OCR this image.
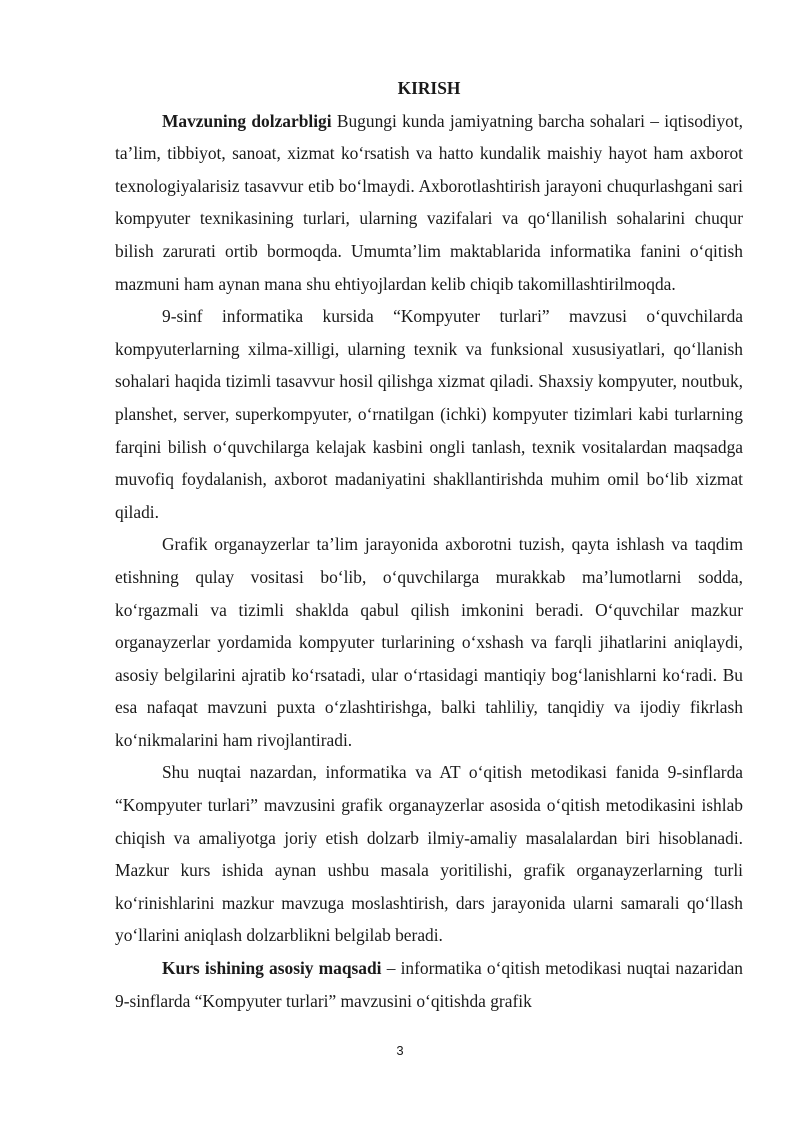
KIRISH

Mavzuning dolzarbligi Bugungi kunda jamiyatning barcha sohalari – iqtisodiyot, ta’lim, tibbiyot, sanoat, xizmat ko‘rsatish va hatto kundalik maishiy hayot ham axborot texnologiyalarisiz tasavvur etib bo‘lmaydi. Axborotlashtirish jarayoni chuqurlashgani sari kompyuter texnikasining turlari, ularning vazifalari va qo‘llanilish sohalarini chuqur bilish zarurati ortib bormoqda. Umumta’lim maktablarida informatika fanini o‘qitish mazmuni ham aynan mana shu ehtiyojlardan kelib chiqib takomillashtirilmoqda.

9-sinf informatika kursida “Kompyuter turlari” mavzusi o‘quvchilarda kompyuterlarning xilma-xilligi, ularning texnik va funksional xususiyatlari, qo‘llanish sohalari haqida tizimli tasavvur hosil qilishga xizmat qiladi. Shaxsiy kompyuter, noutbuk, planshet, server, superkompyuter, o‘rnatilgan (ichki) kompyuter tizimlari kabi turlarning farqini bilish o‘quvchilarga kelajak kasbini ongli tanlash, texnik vositalardan maqsadga muvofiq foydalanish, axborot madaniyatini shakllantirishda muhim omil bo‘lib xizmat qiladi.

Grafik organayzerlar ta’lim jarayonida axborotni tuzish, qayta ishlash va taqdim etishning qulay vositasi bo‘lib, o‘quvchilarga murakkab ma’lumotlarni sodda, ko‘rgazmali va tizimli shaklda qabul qilish imkonini beradi. O‘quvchilar mazkur organayzerlar yordamida kompyuter turlarining o‘xshash va farqli jihatlarini aniqlaydi, asosiy belgilarini ajratib ko‘rsatadi, ular o‘rtasidagi mantiqiy bog‘lanishlarni ko‘radi. Bu esa nafaqat mavzuni puxta o‘zlashtirishga, balki tahliliy, tanqidiy va ijodiy fikrlash ko‘nikmalarini ham rivojlantiradi.

Shu nuqtai nazardan, informatika va AT o‘qitish metodikasi fanida 9-sinflarda “Kompyuter turlari” mavzusini grafik organayzerlar asosida o‘qitish metodikasini ishlab chiqish va amaliyotga joriy etish dolzarb ilmiy-amaliy masalalardan biri hisoblanadi. Mazkur kurs ishida aynan ushbu masala yoritilishi, grafik organayzerlarning turli ko‘rinishlarini mazkur mavzuga moslashtirish, dars jarayonida ularni samarali qo‘llash yo‘llarini aniqlash dolzarblikni belgilab beradi.

Kurs ishining asosiy maqsadi – informatika o‘qitish metodikasi nuqtai nazaridan 9-sinflarda “Kompyuter turlari” mavzusini o‘qitishda grafik

3
